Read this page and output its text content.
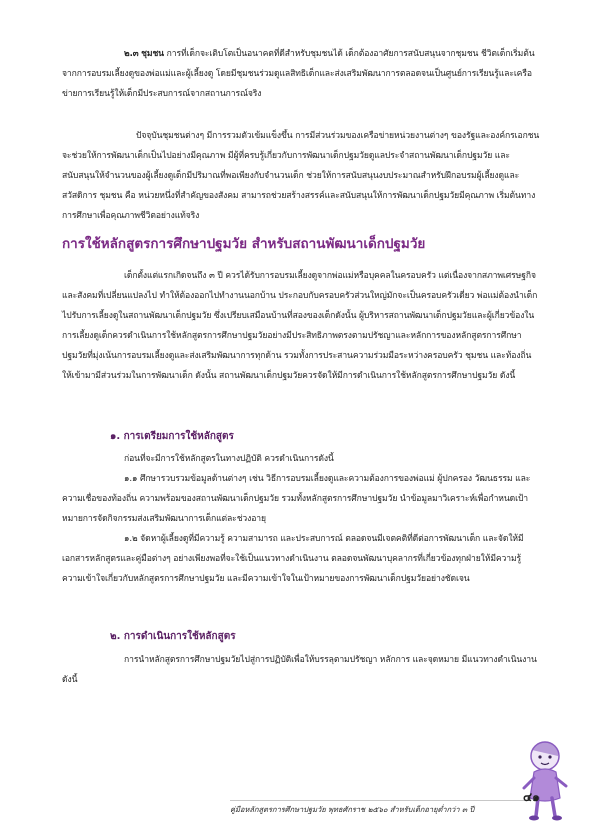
๒.๓ ชุมชน การที่เด็กจะเติบโตเป็นอนาคตที่ดีสำหรับชุมชนได้ เด็กต้องอาศัยการสนับสนุนจากชุมชน ชีวิตเด็กเริ่มต้นจากการอบรมเลี้ยงดูของพ่อแม่และผู้เลี้ยงดู โดยมีชุมชนร่วมดูแลสิทธิเด็กและส่งเสริมพัฒนาการตลอดจนเป็นศูนย์การเรียนรู้และเครือข่ายการเรียนรู้ให้เด็กมีประสบการณ์จากสถานการณ์จริง

ปัจจุบันชุมชนต่างๆ มีการรวมตัวเข้มแข็งขึ้น การมีส่วนร่วมของเครือข่ายหน่วยงานต่างๆ ของรัฐและองค์กรเอกชนจะช่วยให้การพัฒนาเด็กเป็นไปอย่างมีคุณภาพ มีผู้ที่ครบรู้เกี่ยวกับการพัฒนาเด็กปฐมวัยดูแลประจำสถานพัฒนาเด็กปฐมวัย และสนับสนุนให้จำนวนของผู้เลี้ยงดูเด็กมีปริมาณที่พอเพียงกับจำนวนเด็ก ช่วยให้การสนับสนุนงบประมาณสำหรับฝึกอบรมผู้เลี้ยงดูและสวัสดิการ ชุมชน คือ หน่วยหนึ่งที่สำคัญของสังคม สามารถช่วยสร้างสรรค์และสนับสนุนให้การพัฒนาเด็กปฐมวัยมีคุณภาพ เริ่มต้นทางการศึกษาเพื่อคุณภาพชีวิตอย่างแท้จริง

การใช้หลักสูตรการศึกษาปฐมวัย สำหรับสถานพัฒนาเด็กปฐมวัย

เด็กตั้งแต่แรกเกิดจนถึง ๓ ปี ควรได้รับการอบรมเลี้ยงดูจากพ่อแม่หรือบุคคลในครอบครัว แต่เนื่องจากสภาพเศรษฐกิจและสังคมที่เปลี่ยนแปลงไป ทำให้ต้องออกไปทำงานนอกบ้าน ประกอบกับครอบครัวส่วนใหญ่มักจะเป็นครอบครัวเดี่ยว พ่อแม่ต้องนำเด็กไปรับการเลี้ยงดูในสถานพัฒนาเด็กปฐมวัย ซึ่งเปรียบเสมือนบ้านที่สองของเด็กดังนั้น ผู้บริหารสถานพัฒนาเด็กปฐมวัยและผู้เกี่ยวข้องในการเลี้ยงดูเด็กควรดำเนินการใช้หลักสูตรการศึกษาปฐมวัยอย่างมีประสิทธิภาพตรงตามปรัชญาและหลักการของหลักสูตรการศึกษาปฐมวัยที่มุ่งเน้นการอบรมเลี้ยงดูและส่งเสริมพัฒนาการทุกด้าน รวมทั้งการประสานความร่วมมือระหว่างครอบครัว ชุมชน และท้องถิ่น ให้เข้ามามีส่วนร่วมในการพัฒนาเด็ก ดังนั้น สถานพัฒนาเด็กปฐมวัยควรจัดให้มีการดำเนินการใช้หลักสูตรการศึกษาปฐมวัย ดังนี้

๑. การเตรียมการใช้หลักสูตร

ก่อนที่จะมีการใช้หลักสูตรในทางปฏิบัติ ควรดำเนินการดังนี้

๑.๑ ศึกษารวบรวมข้อมูลด้านต่างๆ เช่น วิธีการอบรมเลี้ยงดูและความต้องการของพ่อแม่ ผู้ปกครอง วัฒนธรรม และความเชื่อของท้องถิ่น ความพร้อมของสถานพัฒนาเด็กปฐมวัย รวมทั้งหลักสูตรการศึกษาปฐมวัย นำข้อมูลมาวิเคราะห์เพื่อกำหนดเป้าหมายการจัดกิจกรรมส่งเสริมพัฒนาการเด็กแต่ละช่วงอายุ

๑.๒ จัดหาผู้เลี้ยงดูที่มีความรู้ ความสามารถ และประสบการณ์ ตลอดจนมีเจตคติที่ดีต่อการพัฒนาเด็ก และจัดให้มีเอกสารหลักสูตรและคู่มือต่างๆ อย่างเพียงพอที่จะใช้เป็นแนวทางดำเนินงาน ตลอดจนพัฒนาบุคลากรที่เกี่ยวข้องทุกฝ่ายให้มีความรู้ความเข้าใจเกี่ยวกับหลักสูตรการศึกษาปฐมวัย และมีความเข้าใจในเป้าหมายของการพัฒนาเด็กปฐมวัยอย่างชัดเจน

๒. การดำเนินการใช้หลักสูตร

การนำหลักสูตรการศึกษาปฐมวัยไปสู่การปฏิบัติเพื่อให้บรรลุตามปรัชญา หลักการ และจุดหมาย มีแนวทางดำเนินงานดังนี้

คู่มือหลักสูตรการศึกษาปฐมวัย พุทธศักราช ๒๕๖๐ สำหรับเด็กอายุต่ำกว่า ๓ ปี
๔๑
